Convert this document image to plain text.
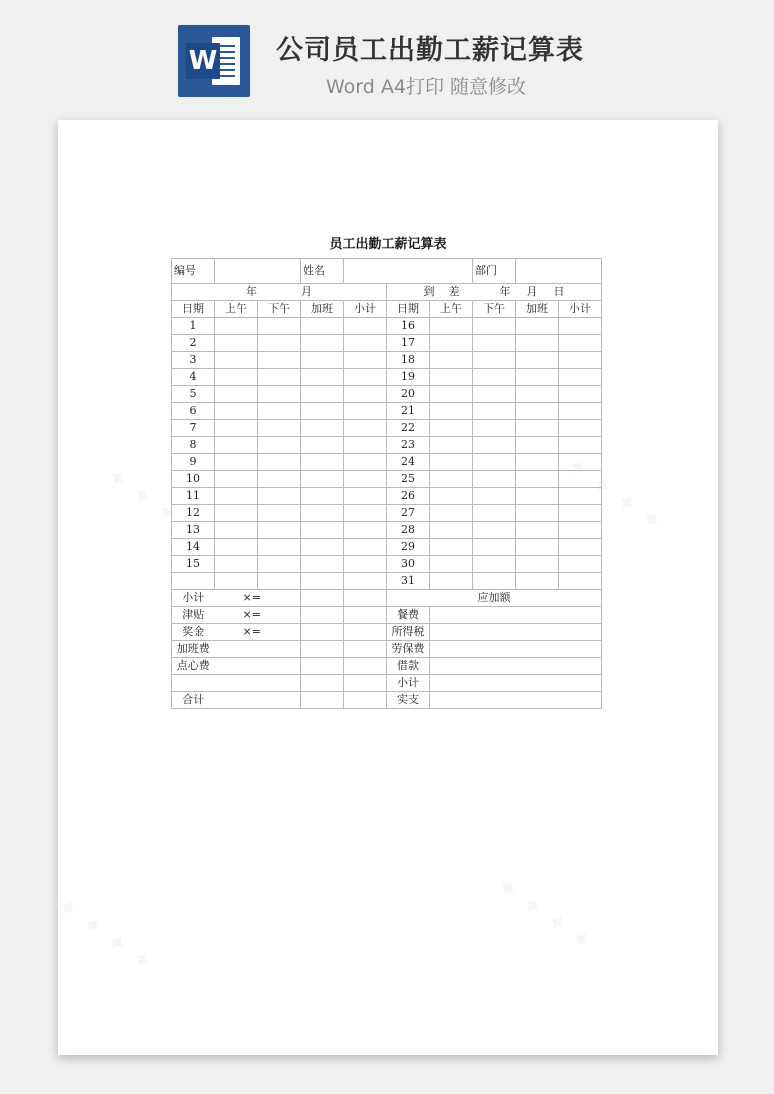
W 公司员工出勤工薪记算表

Word A4打印 随意修改

员工出勤工薪记算表
编号			姓名				部门		
年 月					到 差 年 月 日				
日期	上午	下午	加班	小计	日期	上午	下午	加班	小计
1					16				
2					17				
3					18				
4					19				
5					20				
6					21				
7					22				
8					23				
9					24				
10					25				
11					26				
12					27				
13					28				
14					29				
15					30				
					31				
小计	×=				应加额				
津贴	×=				餐费				
奖金	×=				所得税				
加班费					劳保费				
点心费					借款				
					小计				
合计					实支				
